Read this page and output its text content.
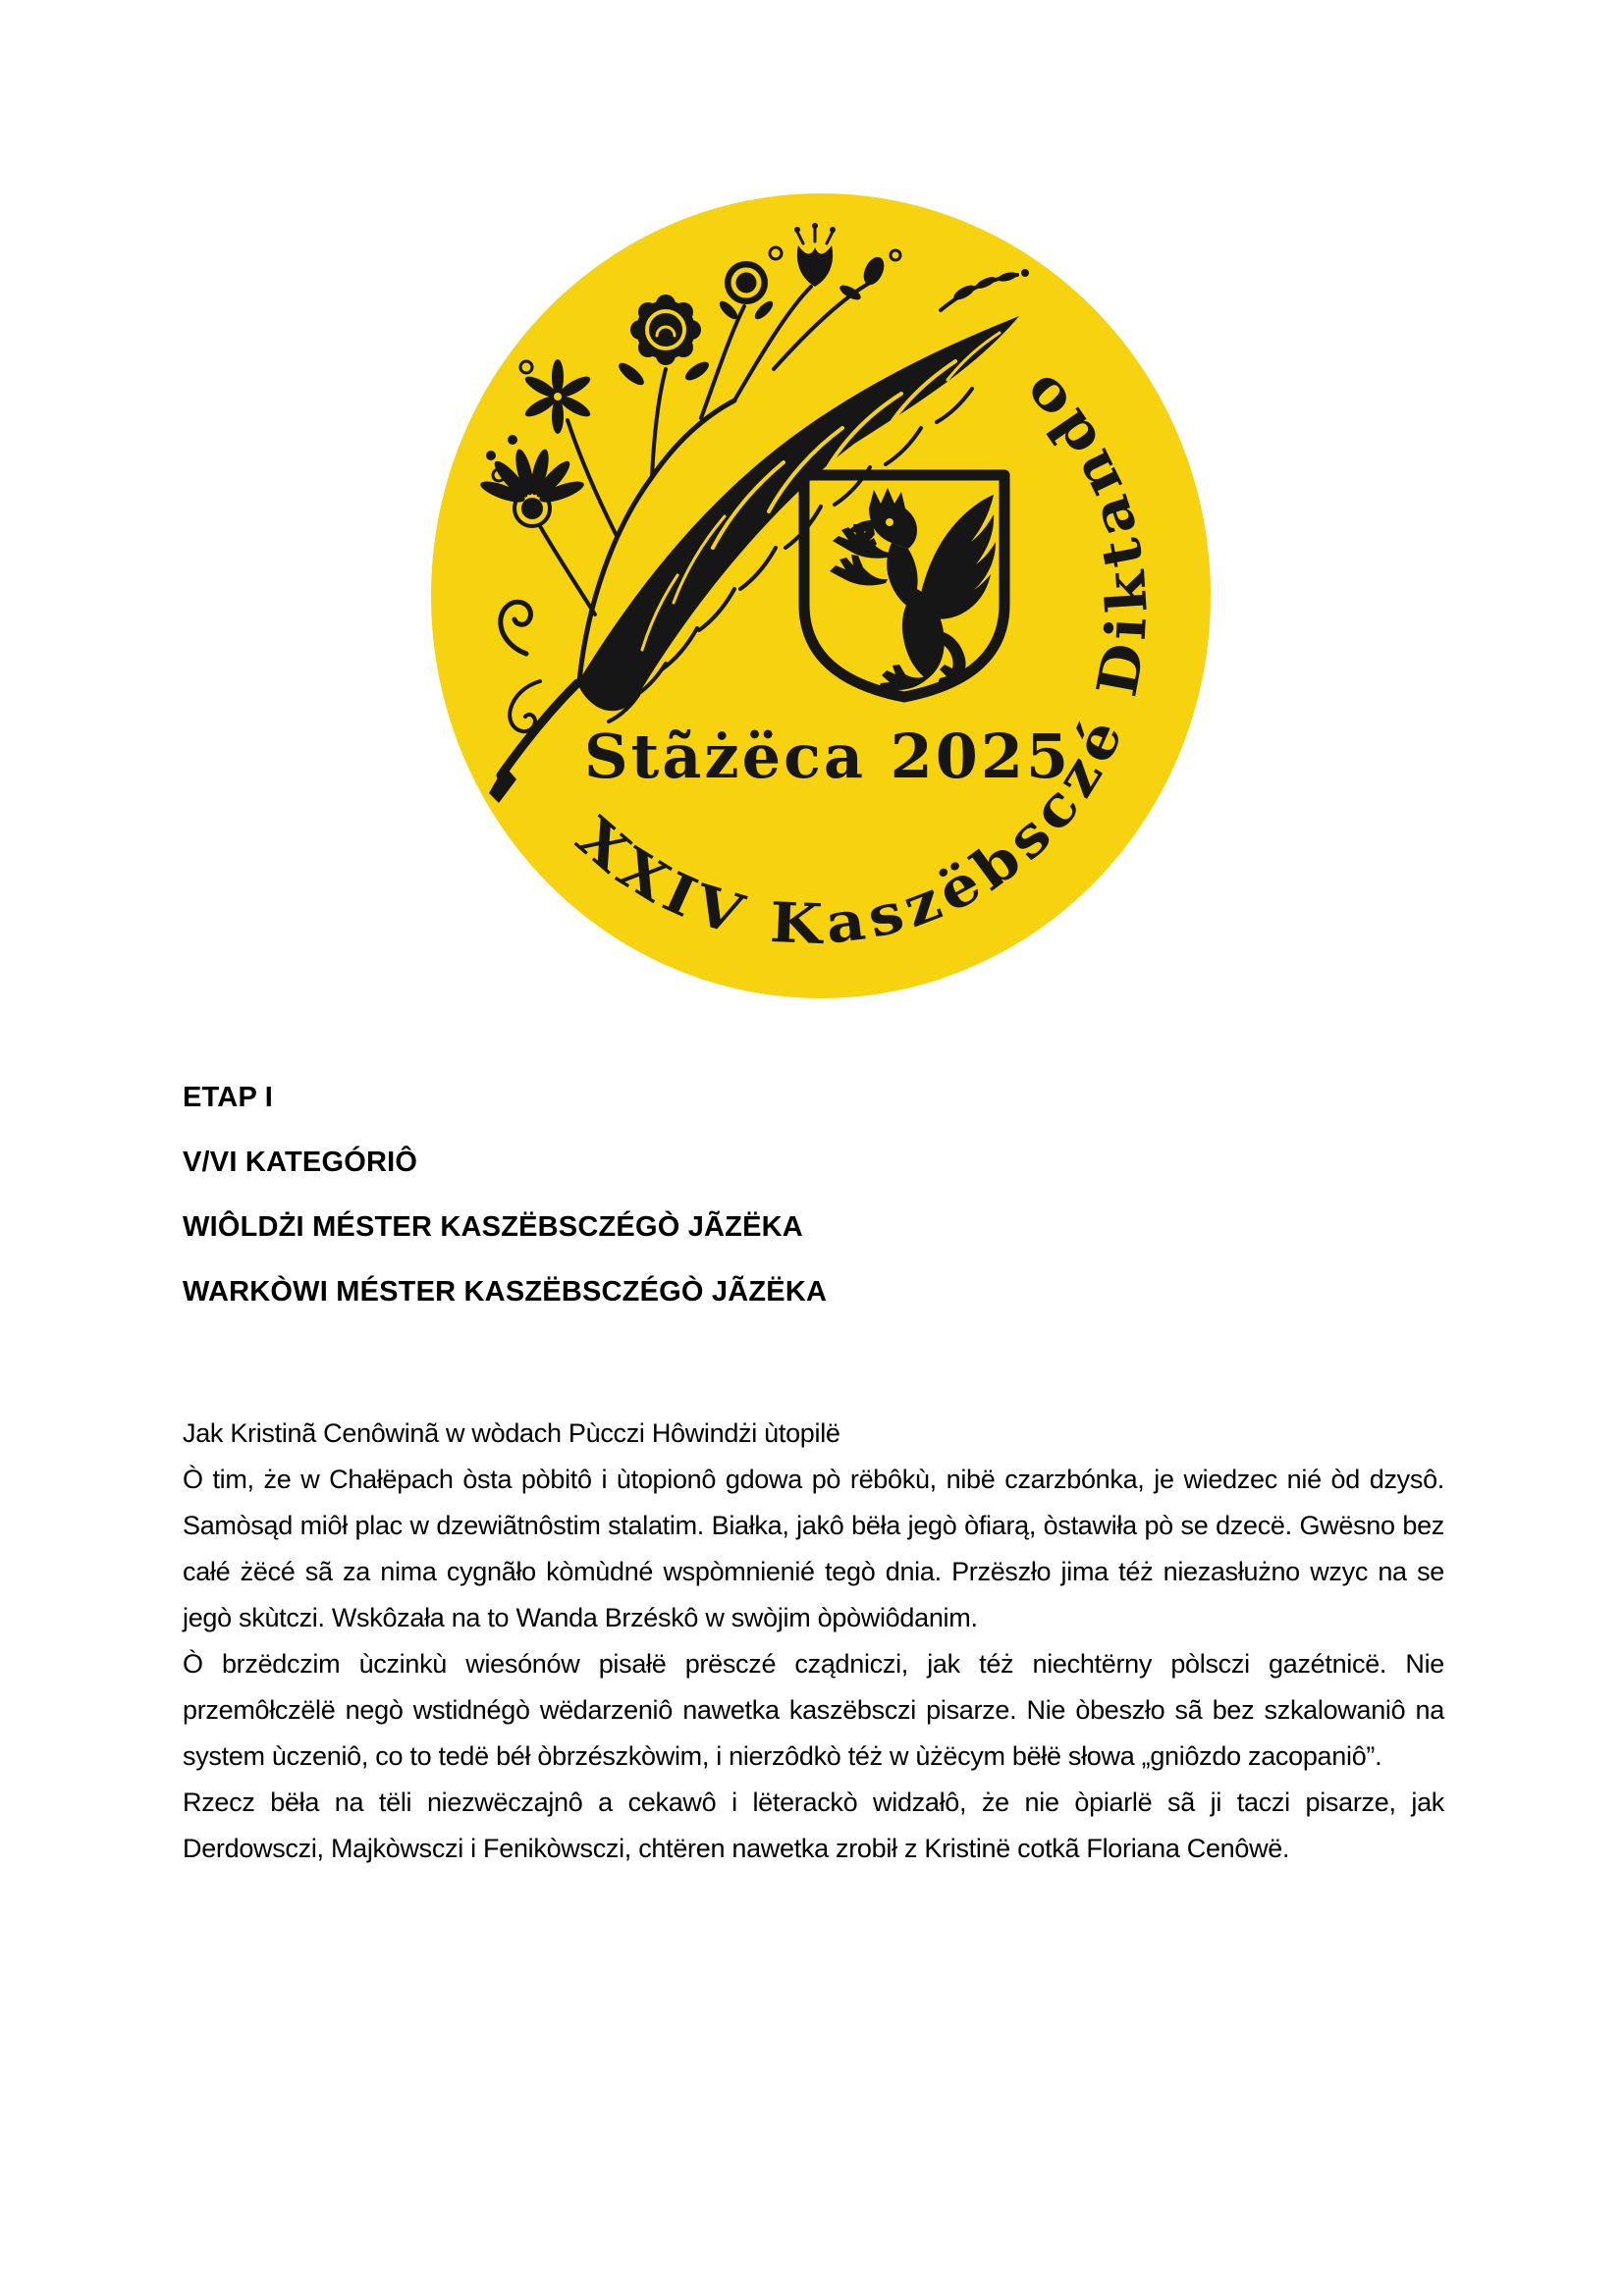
Stãżëca 2025
XXIV Kaszëbsczé Diktando

ETAP I

V/VI KATEGÓRIÔ

WIÔLDŻI MÉSTER KASZËBSCZÉGÒ JÃZËKA

WARKÒWI MÉSTER KASZËBSCZÉGÒ JÃZËKA

Jak Kristinã Cenôwinã w wòdach Pùcczi Hôwindżi ùtopilë

Ò tim, że w Chałëpach òsta pòbitô i ùtopionô gdowa pò rëbôkù, nibë czarzbónka, je wiedzec nié òd dzysô. Samòsąd miôł plac w dzewiãtnôstim stalatim. Białka, jakô bëła jegò òfiarą, òstawiła pò se dzecë. Gwësno bez całé żëcé sã za nima cygnãło kòmùdné wspòmnienié tegò dnia. Przëszło jima téż niezasłużno wzyc na se jegò skùtczi. Wskôzała na to Wanda Brzéskô w swòjim òpòwiôdanim.

Ò brzëdczim ùczinkù wiesónów pisałë prësczé cządniczi, jak téż niechtërny pòlsczi gazétnicë. Nie przemôłczëlë negò wstidnégò wëdarzeniô nawetka kaszëbsczi pisarze. Nie òbeszło sã bez szkalowaniô na system ùczeniô, co to tedë béł òbrzészkòwim, i nierzôdkò téż w ùżëcym bëłë słowa „gniôzdo zacopaniô”.

Rzecz bëła na tëli niezwëczajnô a cekawô i lëterackò widzałô, że nie òpiarlë sã ji taczi pisarze, jak Derdowsczi, Majkòwsczi i Fenikòwsczi, chtëren nawetka zrobił z Kristinë cotkã Floriana Cenôwë.
